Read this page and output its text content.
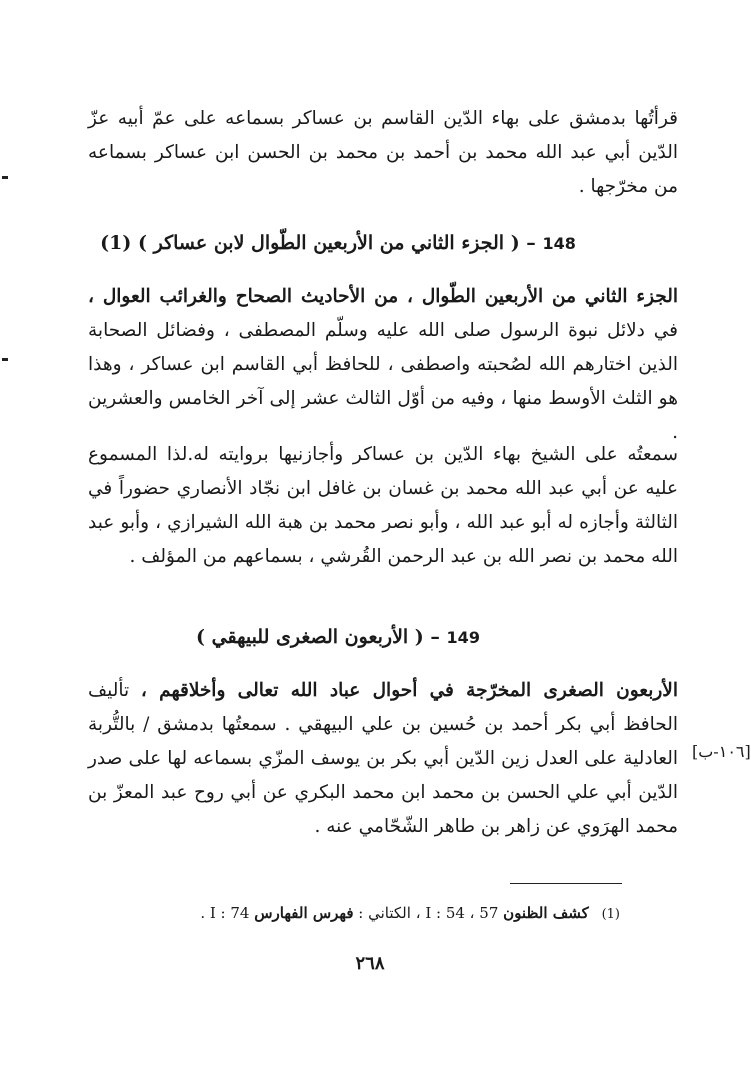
قرأتُها بدمشق على بهاء الدّين القاسم بن عساكر بسماعه على عمّ أبيه عزّ الدّين أبي عبد الله محمد بن أحمد بن محمد بن الحسن ابن عساكر بسماعه من مخرّجها .

148 – ( الجزء الثاني من الأربعين الطّوال لابن عساكر ) (1)

الجزء الثاني من الأربعين الطّوال ، من الأحاديث الصحاح والغرائب العوال ، في دلائل نبوة الرسول صلى الله عليه وسلّم المصطفى ، وفضائل الصحابة الذين اختارهم الله لصُحبته واصطفى ، للحافظ أبي القاسم ابن عساكر ، وهذا هو الثلث الأوسط منها ، وفيه من أوّل الثالث عشر إلى آخر الخامس والعشرين .

سمعتُه على الشيخ بهاء الدّين بن عساكر وأجازنيها بروايته له.لذا المسموع عليه عن أبي عبد الله محمد بن غسان بن غافل ابن نجّاد الأنصاري حضوراً في الثالثة وأجازه له أبو عبد الله ، وأبو نصر محمد بن هبة الله الشيرازي ، وأبو عبد الله محمد بن نصر الله بن عبد الرحمن القُرشي ، بسماعهم من المؤلف .

149 – ( الأربعون الصغرى للبيهقي )

الأربعون الصغرى المخرّجة في أحوال عباد الله تعالى وأخلاقهم ، تأليف الحافظ أبي بكر أحمد بن حُسين بن علي البيهقي . سمعتُها بدمشق / بالتُّربة العادلية على العدل زين الدّين أبي بكر بن يوسف المزّي بسماعه لها على صدر الدّين أبي علي الحسن بن محمد ابن محمد البكري عن أبي روح عبد المعزّ بن محمد الهرَوي عن زاهر بن طاهر الشّحّامي عنه .

[١٠٦-ب]
(1) كشف الظنون I : 54 ، 57 ، الكتاني : فهرس الفهارس I : 74 .
٢٦٨
